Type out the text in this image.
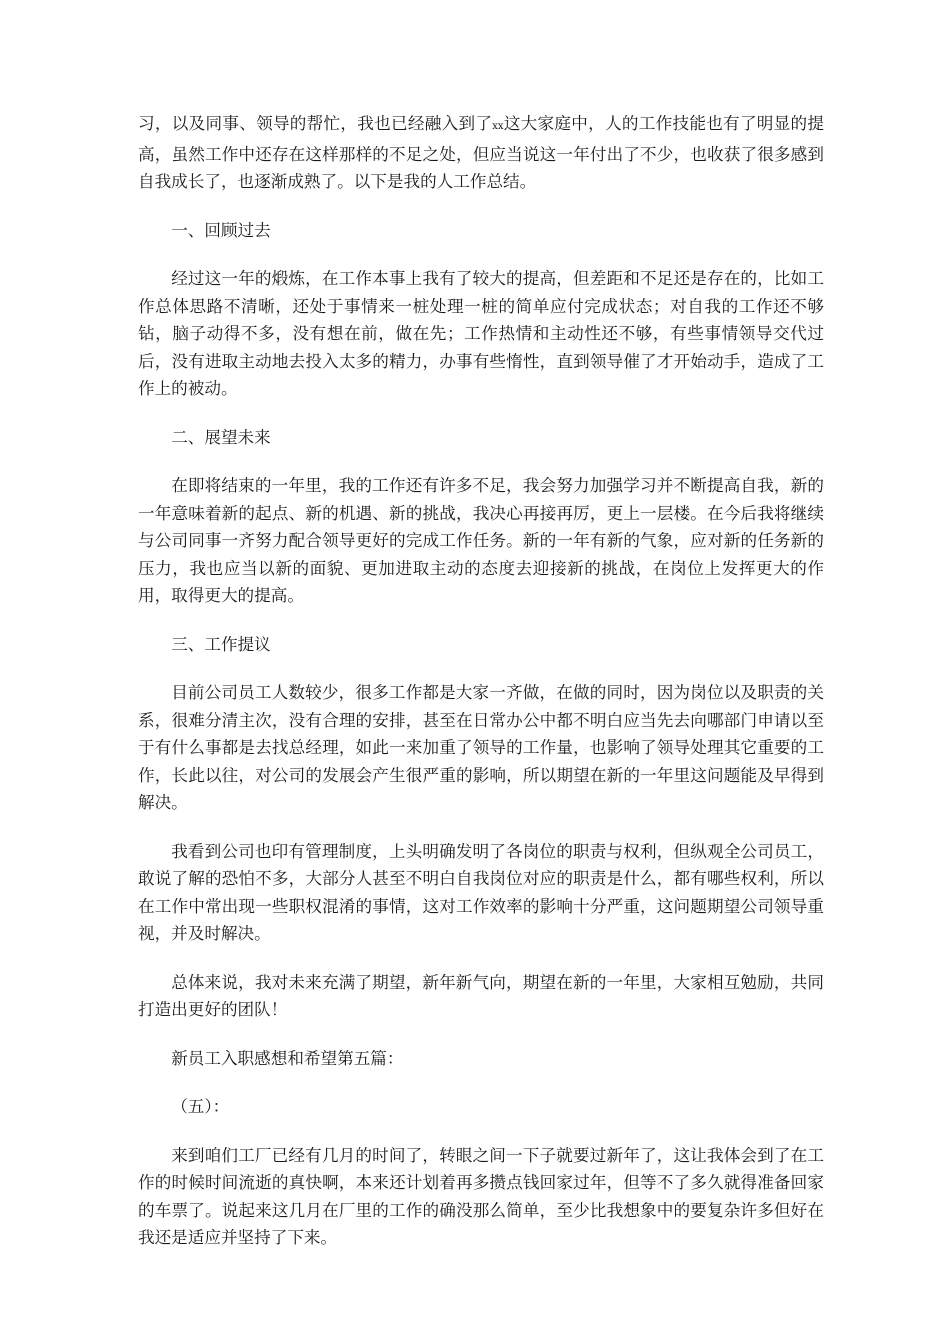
习，以及同事、领导的帮忙，我也已经融入到了xx这大家庭中，人的工作技能也有了明显的提高，虽然工作中还存在这样那样的不足之处，但应当说这一年付出了不少，也收获了很多感到自我成长了，也逐渐成熟了。以下是我的人工作总结。

一、回顾过去

经过这一年的煅炼，在工作本事上我有了较大的提高，但差距和不足还是存在的，比如工作总体思路不清晰，还处于事情来一桩处理一桩的简单应付完成状态；对自我的工作还不够钻，脑子动得不多，没有想在前，做在先；工作热情和主动性还不够，有些事情领导交代过后，没有进取主动地去投入太多的精力，办事有些惰性，直到领导催了才开始动手，造成了工作上的被动。

二、展望未来

在即将结束的一年里，我的工作还有许多不足，我会努力加强学习并不断提高自我，新的一年意味着新的起点、新的机遇、新的挑战，我决心再接再厉，更上一层楼。在今后我将继续与公司同事一齐努力配合领导更好的完成工作任务。新的一年有新的气象，应对新的任务新的压力，我也应当以新的面貌、更加进取主动的态度去迎接新的挑战，在岗位上发挥更大的作用，取得更大的提高。

三、工作提议

目前公司员工人数较少，很多工作都是大家一齐做，在做的同时，因为岗位以及职责的关系，很难分清主次，没有合理的安排，甚至在日常办公中都不明白应当先去向哪部门申请以至于有什么事都是去找总经理，如此一来加重了领导的工作量，也影响了领导处理其它重要的工作，长此以往，对公司的发展会产生很严重的影响，所以期望在新的一年里这问题能及早得到解决。

我看到公司也印有管理制度，上头明确发明了各岗位的职责与权利，但纵观全公司员工，敢说了解的恐怕不多，大部分人甚至不明白自我岗位对应的职责是什么，都有哪些权利，所以在工作中常出现一些职权混淆的事情，这对工作效率的影响十分严重，这问题期望公司领导重视，并及时解决。

总体来说，我对未来充满了期望，新年新气向，期望在新的一年里，大家相互勉励，共同打造出更好的团队！

新员工入职感想和希望第五篇：

（五）：

来到咱们工厂已经有几月的时间了，转眼之间一下子就要过新年了，这让我体会到了在工作的时候时间流逝的真快啊，本来还计划着再多攒点钱回家过年，但等不了多久就得准备回家的车票了。说起来这几月在厂里的工作的确没那么简单，至少比我想象中的要复杂许多但好在我还是适应并坚持了下来。
